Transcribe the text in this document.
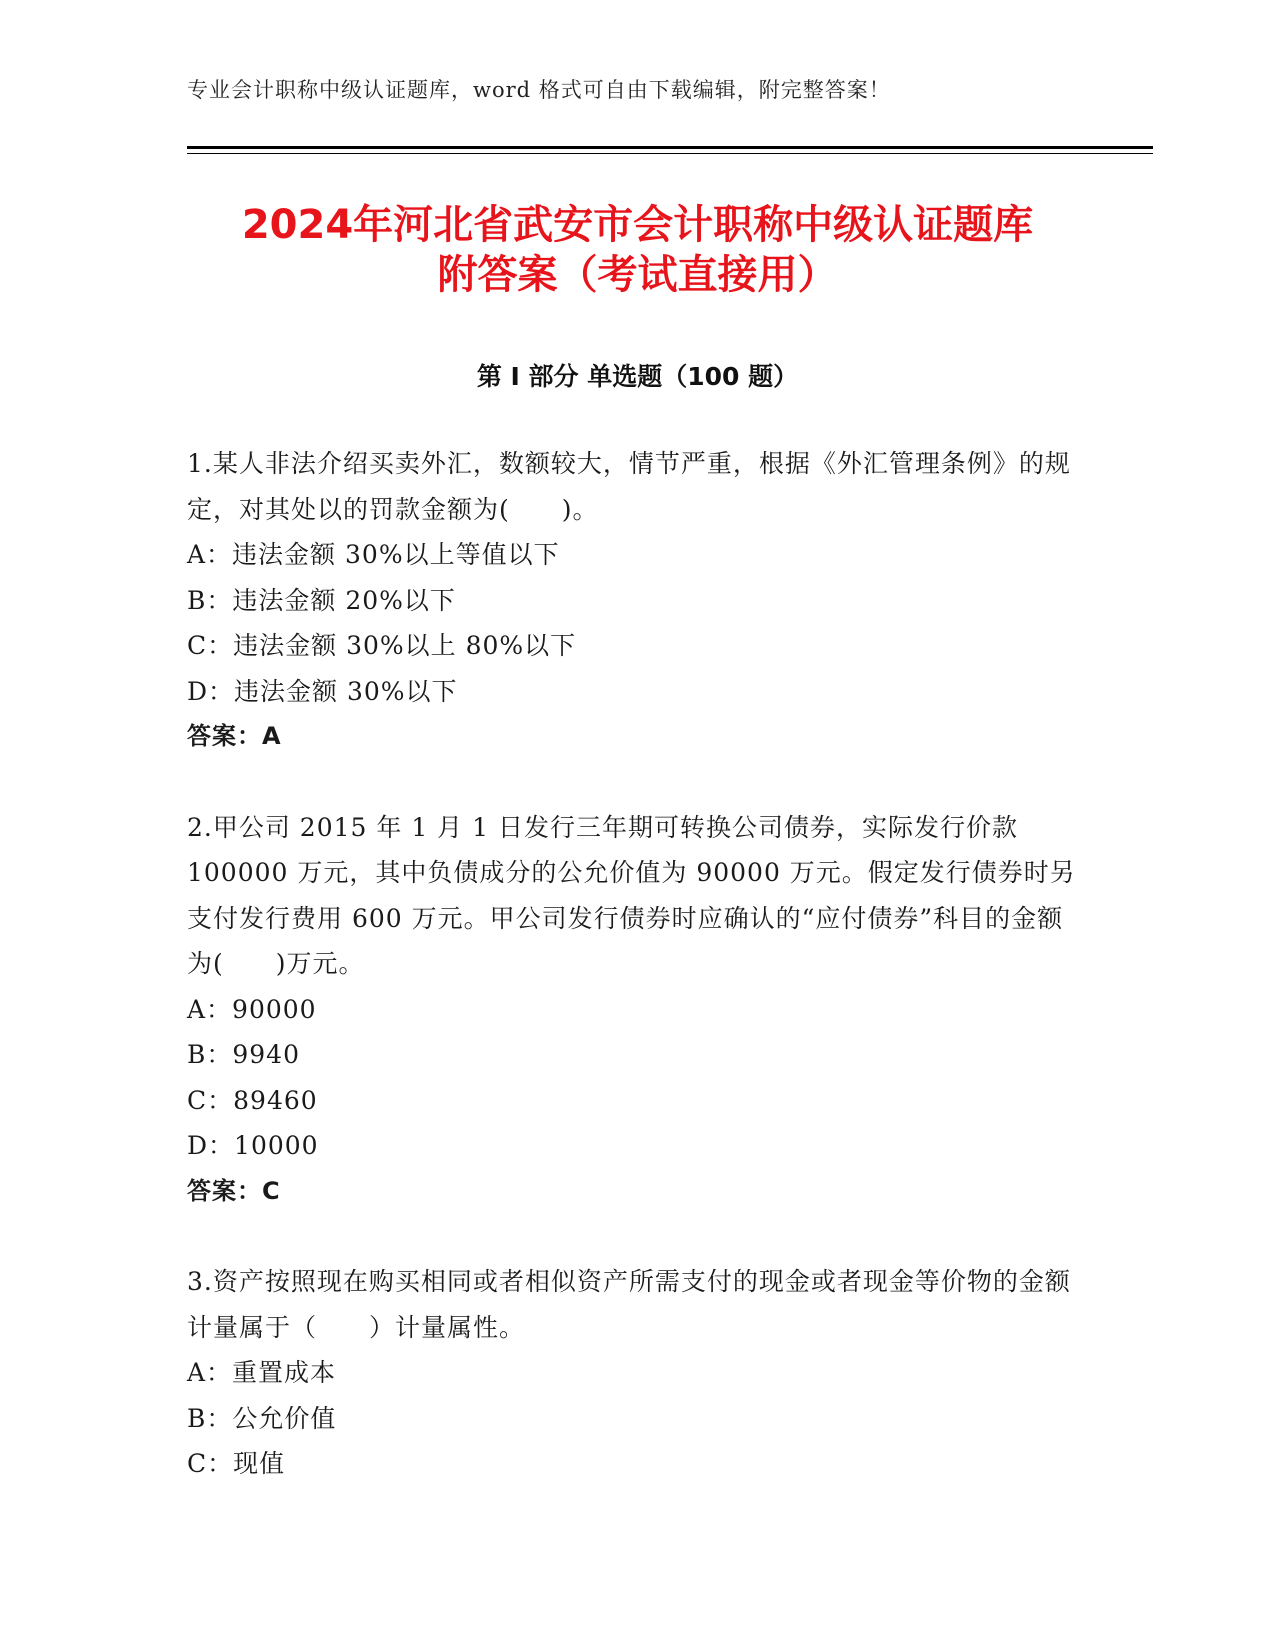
专业会计职称中级认证题库，word 格式可自由下载编辑，附完整答案！
2024年河北省武安市会计职称中级认证题库
附答案（考试直接用）
第 I 部分 单选题（100 题）

1.某人非法介绍买卖外汇，数额较大，情节严重，根据《外汇管理条例》的规定，对其处以的罚款金额为(　　)。

A：违法金额 30%以上等值以下

B：违法金额 20%以下

C：违法金额 30%以上 80%以下

D：违法金额 30%以下

答案：A

2.甲公司 2015 年 1 月 1 日发行三年期可转换公司债券，实际发行价款 100000 万元，其中负债成分的公允价值为 90000 万元。假定发行债券时另支付发行费用 600 万元。甲公司发行债券时应确认的“应付债券”科目的金额为(　　)万元。

A：90000

B：9940

C：89460

D：10000

答案：C

3.资产按照现在购买相同或者相似资产所需支付的现金或者现金等价物的金额计量属于（　　）计量属性。

A：重置成本

B：公允价值

C：现值
